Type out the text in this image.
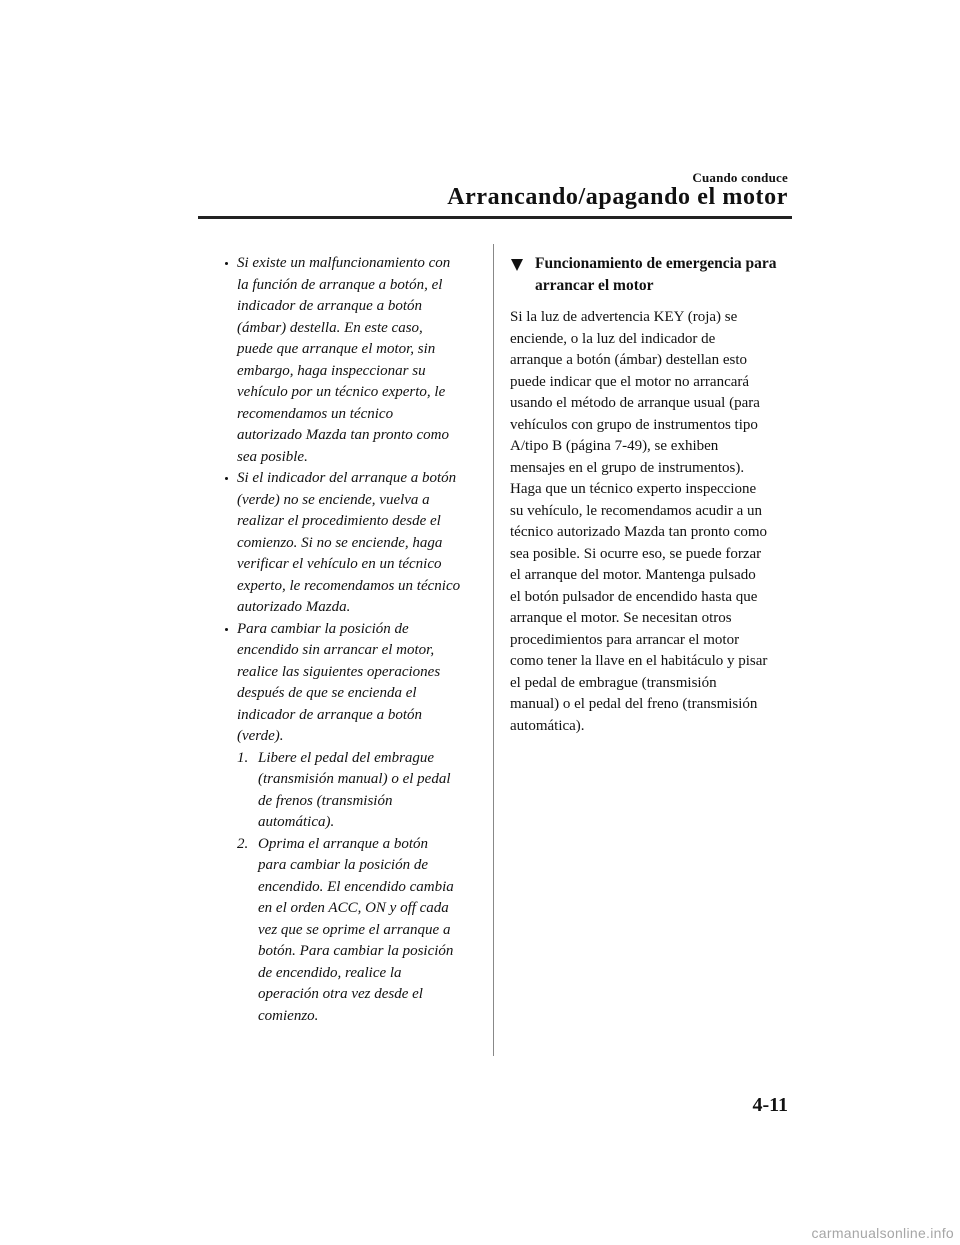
Cuando conduce
Arrancando/apagando el motor
Si existe un malfuncionamiento con
la función de arranque a botón, el
indicador de arranque a botón
(ámbar) destella. En este caso,
puede que arranque el motor, sin
embargo, haga inspeccionar su
vehículo por un técnico experto, le
recomendamos un técnico
autorizado Mazda tan pronto como
sea posible.
Si el indicador del arranque a botón
(verde) no se enciende, vuelva a
realizar el procedimiento desde el
comienzo. Si no se enciende, haga
verificar el vehículo en un técnico
experto, le recomendamos un técnico
autorizado Mazda.
Para cambiar la posición de
encendido sin arrancar el motor,
realice las siguientes operaciones
después de que se encienda el
indicador de arranque a botón
(verde).
1. Libere el pedal del embrague
(transmisión manual) o el pedal
de frenos (transmisión
automática).
2. Oprima el arranque a botón
para cambiar la posición de
encendido. El encendido cambia
en el orden ACC, ON y off cada
vez que se oprime el arranque a
botón. Para cambiar la posición
de encendido, realice la
operación otra vez desde el
comienzo.
Funcionamiento de emergencia para
arrancar el motor
Si la luz de advertencia KEY (roja) se
enciende, o la luz del indicador de
arranque a botón (ámbar) destellan esto
puede indicar que el motor no arrancará
usando el método de arranque usual (para
vehículos con grupo de instrumentos tipo
A/tipo B (página 7-49), se exhiben
mensajes en el grupo de instrumentos).
Haga que un técnico experto inspeccione
su vehículo, le recomendamos acudir a un
técnico autorizado Mazda tan pronto como
sea posible. Si ocurre eso, se puede forzar
el arranque del motor. Mantenga pulsado
el botón pulsador de encendido hasta que
arranque el motor. Se necesitan otros
procedimientos para arrancar el motor
como tener la llave en el habitáculo y pisar
el pedal de embrague (transmisión
manual) o el pedal del freno (transmisión
automática).
4-11
carmanualsonline.info
